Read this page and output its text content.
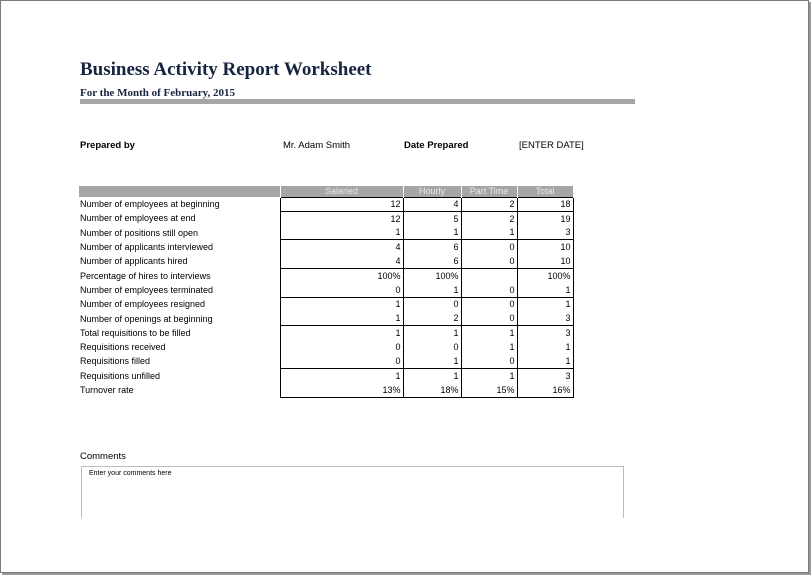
Business Activity Report Worksheet
For the Month of February, 2015
Prepared by	Mr. Adam Smith	Date Prepared	[ENTER DATE]
	Salaried	Hourly	Part Time	Total
Number of employees at beginning	12	4	2	18
Number of employees at end	12	5	2	19
Number of positions still open	1	1	1	3
Number of applicants interviewed	4	6	0	10
Number of applicants hired	4	6	0	10
Percentage of hires to interviews	100%	100%		100%
Number of employees terminated	0	1	0	1
Number of employees resigned	1	0	0	1
Number of openings at beginning	1	2	0	3
Total requisitions to be filled	1	1	1	3
Requisitions received	0	0	1	1
Requisitions filled	0	1	0	1
Requisitions unfilled	1	1	1	3
Turnover rate	13%	18%	15%	16%
Comments
Enter your comments here
